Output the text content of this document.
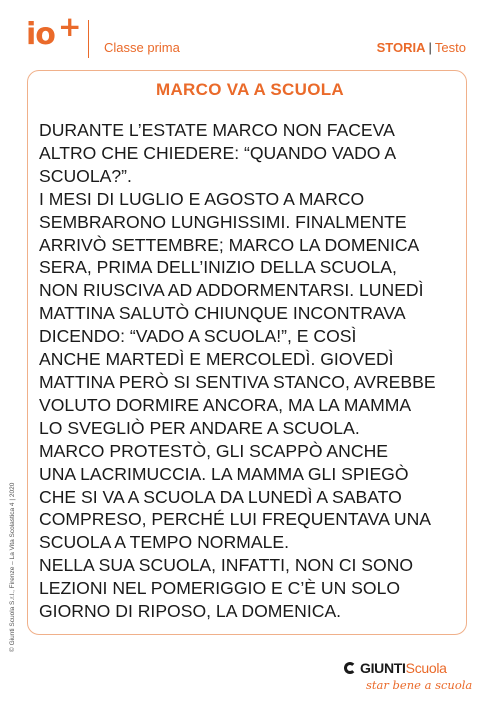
io +
Classe prima	STORIA | Testo
MARCO VA A SCUOLA

DURANTE L’ESTATE MARCO NON FACEVA
ALTRO CHE CHIEDERE: “QUANDO VADO A
SCUOLA?”.
I MESI DI LUGLIO E AGOSTO A MARCO
SEMBRARONO LUNGHISSIMI. FINALMENTE
ARRIVÒ SETTEMBRE; MARCO LA DOMENICA
SERA, PRIMA DELL’INIZIO DELLA SCUOLA,
NON RIUSCIVA AD ADDORMENTARSI. LUNEDÌ
MATTINA SALUTÒ CHIUNQUE INCONTRAVA
DICENDO: “VADO A SCUOLA!”, E COSÌ
ANCHE MARTEDÌ E MERCOLEDÌ. GIOVEDÌ
MATTINA PERÒ SI SENTIVA STANCO, AVREBBE
VOLUTO DORMIRE ANCORA, MA LA MAMMA
LO SVEGLIÒ PER ANDARE A SCUOLA.
MARCO PROTESTÒ, GLI SCAPPÒ ANCHE
UNA LACRIMUCCIA. LA MAMMA GLI SPIEGÒ
CHE SI VA A SCUOLA DA LUNEDÌ A SABATO
COMPRESO, PERCHÉ LUI FREQUENTAVA UNA
SCUOLA A TEMPO NORMALE.
NELLA SUA SCUOLA, INFATTI, NON CI SONO
LEZIONI NEL POMERIGGIO E C’È UN SOLO
GIORNO DI RIPOSO, LA DOMENICA.

© Giunti Scuola S.r.l., Firenze – La Vita Scolastica 4 | 2020
GIUNTIScuola
star bene a scuola
